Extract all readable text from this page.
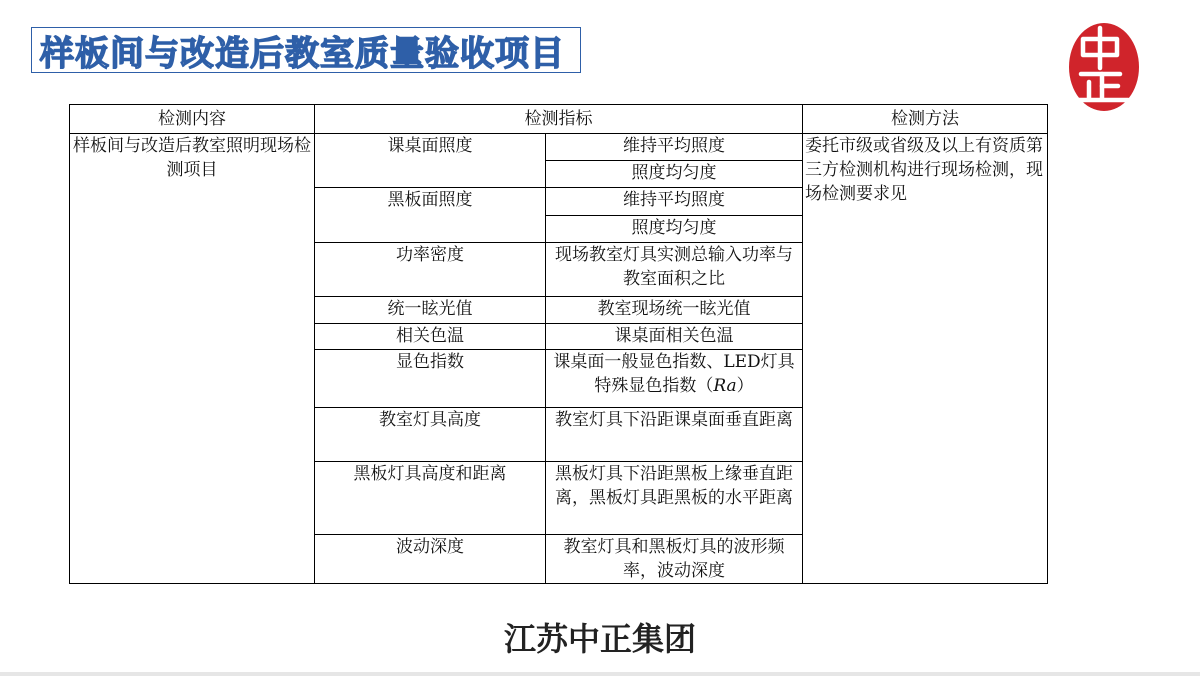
样板间与改造后教室质量验收项目
检测内容	检测指标		检测方法
样板间与改造后教室照明现场检测项目	课桌面照度	维持平均照度	委托市级或省级及以上有资质第三方检测机构进行现场检测，现场检测要求见
		照度均匀度	
	黑板面照度	维持平均照度	
		照度均匀度	
	功率密度	现场教室灯具实测总输入功率与教室面积之比	
	统一眩光值	教室现场统一眩光值	
	相关色温	课桌面相关色温	
	显色指数	课桌面一般显色指数、LED灯具特殊显色指数（Ra）	
	教室灯具高度	教室灯具下沿距课桌面垂直距离	
	黑板灯具高度和距离	黑板灯具下沿距黑板上缘垂直距离，黑板灯具距黑板的水平距离	
	波动深度	教室灯具和黑板灯具的波形频率，波动深度	
江苏中正集团
